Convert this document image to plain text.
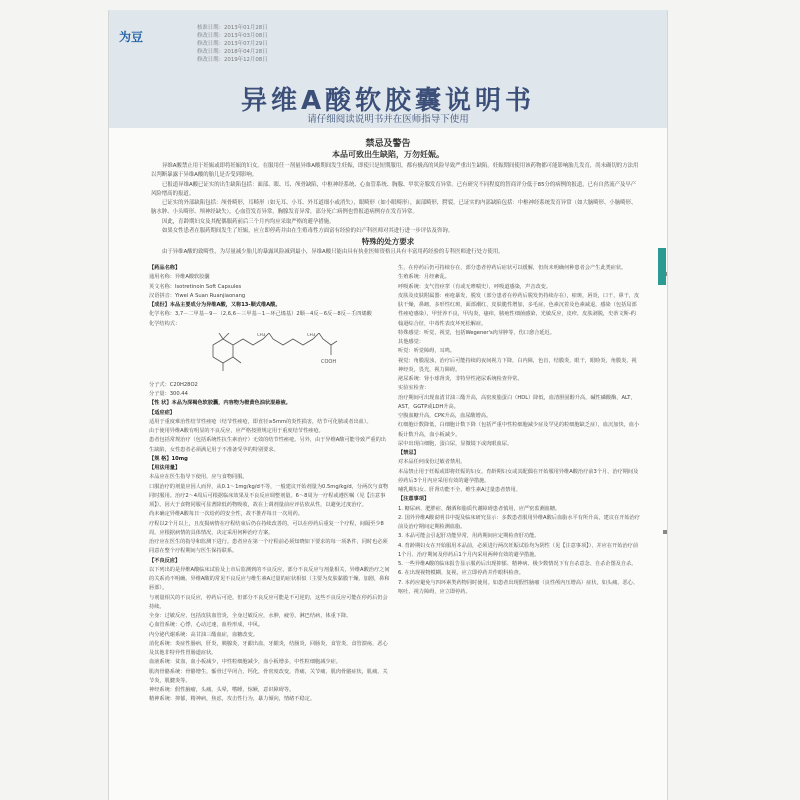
为豆
核准日期：2013年01月28日
修改日期：2013年03月08日
修改日期：2013年07月29日
修改日期：2018年04月28日
修改日期：2019年12月08日
异维A酸软胶囊说明书
请仔细阅读说明书并在医师指导下使用
禁忌及警告
本品可致出生缺陷，万勿妊娠。

异维A酸禁止用于妊娠或即将妊娠的妇女。在服用任一剂量异维A酸期间发生妊娠，即使只是短期服用，都有极高的风险导致严重出生缺陷。妊娠期间使用该药物都可能影响胎儿发育，尚未确切的方法用以判断暴露于异维A酸的胎儿是否受到影响。

已报道异维A酸已证实的出生缺陷包括：面部、眼、耳、颅骨缺陷，中枢神经系统、心血管系统、胸腺、甲状旁腺发育异常。已有研究不同程度的智商评分低于85分的病例的报道，已有自然流产及早产风险增高的报道。

已证实的外部缺陷包括：颅骨畸形，耳畸形（如无耳、小耳、外耳道细小或消失），眼畸形（如小眼畸形），面部畸形，腭裂。已证实的内部缺陷包括：中枢神经系统发育异常（如大脑畸形、小脑畸形、脑水肿、小头畸形、颅神经缺失），心血管发育异常，胸腺发育异常，部分死亡病例也曾报道病例存在发育异常。

因此，育龄期妇女及其配偶服药前后三个月内均应采取严格的避孕措施。

如果女性患者在服药期间发生了妊娠，应立即停药并由在生殖毒性方面富有经验的妇产科医师对其进行进一步评估及咨询。

特殊的处方要求
由于异维A酸的致畸性，为尽量减少胎儿的暴露风险减到最小，异维A酸只能由具有执业医师资格且具有丰富用药经验的专科医师进行处方使用。

【药品名称】

通用名称：异维A酸软胶囊

英文名称：Isotretinoin Soft Capsules

汉语拼音：Yiwei A Suan Ruanjiaonang

【成份】本品主要成分为异维A酸，又称13-顺式维A酸。

化学名称：3,7－二甲基－9－（2,6,6－三甲基－1－环己烯基）2顺－4反－6反－8反－壬四烯酸

化学结构式：

COOH
CH3	CH3

分子式：C20H28O2

分子量：300.44

【性 状】本品为深褐色软胶囊，内容物为橙黄色油状混悬液。

【适应症】

适用于重度难治性结节性痤疮（结节性痤疮，即直径≥5mm的炎性损害，结节可化脓或者出血）。

由于使用异维A酸有明显的不良反应，应严格按照规定用于重度结节性痤疮。

患者包括常规治疗（包括系统性抗生素治疗）无效的结节性痤疮。另外，由于异维A酸可能导致严重的出生缺陷，女性患者必须满足用于不准备受孕的特别要求。

【规 格】10mg

【用法用量】

本品应在医生指导下使用，应与食物同服。

口服治疗的剂量应因人而异，从0.1～1mg/kg/d不等，一般建议开始剂量为0.5mg/kg/d，分两次与食物同时服用。治疗2～4周后可根据临床效果及不良反应调整剂量。6～8周为一疗程或遵医嘱（见【注意事项】）。因大于食物同服可显著降低药物吸收，故在上调剂量前应评估依从性，以避免过度治疗。

尚未确定异维A酸每日一次给药的安全性，故不推荐每日一次用药。

疗程以2个月以上，且皮损病情在疗程结束后仍在持续改善的，可以在停药后重复一个疗程，间隔至少8周。应根据病情的具体情况，决定采用何种治疗方案。

治疗应在医生的指导和监测下进行。患者应在第一个疗程前必须知晓如下要求的每一项条件，同时也必须同意在整个疗程期间与医生保持联系。

【不良反应】

以下列出的是异维A酸临床试验及上市后监测到的不良反应，部分不良反应与剂量相关，异维A酸治疗之间的关系尚不明确。异维A酸的常见不良反应与维生素A过量的症状相似（主要为皮肤黏膜干燥、加剧，鼻和唇部）。

与剂量相关的不良反应，停药后可逆。但部分不良反应可能是不可逆的，这些不良反应可能在停药后仍会持续。

全身：过敏反应，包括皮肤血管炎，全身过敏反应，水肿，疲劳，淋巴结病，体重下降。

心血管系统：心悸，心动过速，血栓形成，中风。

内分泌代谢系统：高甘油三酯血症，血糖改变。

消化系统：炎症性肠病，肝炎，胰腺炎，牙龈出血，牙龈炎，结肠炎，回肠炎，食管炎，食管溃疡，恶心及其他非特异性胃肠道症状。

血液系统：贫血，血小板减少，中性粒细胞减少，血小板增多，中性粒细胞减少症。

肌肉骨骼系统：骨骼增生，骺骨过早闭合，钙化，骨密度改变，背痛，关节痛，肌肉骨骼症状，肌痛，关节炎，肌腱炎等。

神经系统：假性脑瘤，头痛，头晕，嗜睡，惊厥，意识障碍等。

精神系统：抑郁，精神病，焦虑，攻击性行为，暴力倾向，情绪不稳定。

生，在停药后仍可持续存在，部分患者停药后症状可以缓解，但尚未明确何种患者会产生此类症状。

生殖系统：月经紊乱。

呼吸系统：支气管痉挛（有或无哮喘史），呼吸道感染，声音改变。

皮肤及皮肤附属器：痤疮暴发，脱发（部分患者在停药后脱发仍持续存在），瘀斑，唇炎，口干，鼻干，皮肤干燥，鼻衄，多形性红斑，面部潮红，皮肤脆性增加，多毛症，色素沉着及色素减退，感染（包括局部性痤疮感染），甲营养不良，甲沟炎，瘙痒，脓疱性细菌感染，光敏反应，皮疹，皮肤剥脱，史蒂文斯-约翰逊综合征，中毒性表皮坏死松解症。

特殊感觉：听觉，视觉，包括Wegener's肉芽肿等，伤口愈合延迟。

其他感觉：

听觉：听觉障碍，耳鸣。

视觉：角膜混浊，治疗后可能持续的夜间视力下降，白内障，色盲，结膜炎，眼干，眼睑炎，角膜炎，视神经炎，畏光，视力障碍。

泌尿系统：肾小球肾炎，非特异性泌尿系统检查异常。

实验室检查：

治疗期间可出现血清甘油三酯升高，高密度脂蛋白（HDL）降低，血清胆固醇升高，碱性磷酸酶，ALT，AST，GGTP或LDH升高。

空腹血糖升高，CPK升高，血尿酸增高。

红细胞计数降低，白细胞计数下降（包括严重中性粒细胞减少症及罕见的粒细胞缺乏症），血沉加快，血小板计数升高，血小板减少。

尿中出现白细胞，蛋白尿，显微镜下或肉眼血尿。

【禁忌】

对本品任何成份过敏者禁用。

本品禁止用于妊娠或即将妊娠的妇女。育龄期妇女或其配偶在开始服用异维A酸治疗前3个月、治疗期间及停药后3个月内应采用有效的避孕措施。

哺乳期妇女、肝肾功能不全、维生素A过量患者禁用。

【注意事项】

1. 糖尿病、肥胖症、酗酒和脂质代谢障碍患者慎用，应严密监测血糖。

2. 国外异维A酸说明书中提及临床研究显示：多数患者服用异维A酸后血脂水平有所升高，建议在开始治疗前及治疗期间定期检测血脂。

3. 本品可能会引起肝功能异常，用药期间应定期检查肝功能。

4. 育龄期妇女在开始服用本品前，必须进行两次妊娠试验均为阴性（见【注意事项】），并应在开始治疗前1个月、治疗期间及停药后1个月内采用两种有效的避孕措施。

5. 一些异维A酸的临床报告显示服药后出现抑郁、精神病、极少数情况下有自杀意念、自杀企图及自杀。

6. 在出现视物模糊、复视，应立即停药并作眼科检查。

7. 本药应避免与四环素类药物同时使用。如患者出现假性脑瘤（良性颅内压增高）症状，如头痛、恶心、呕吐、视力障碍，应立即停药。
